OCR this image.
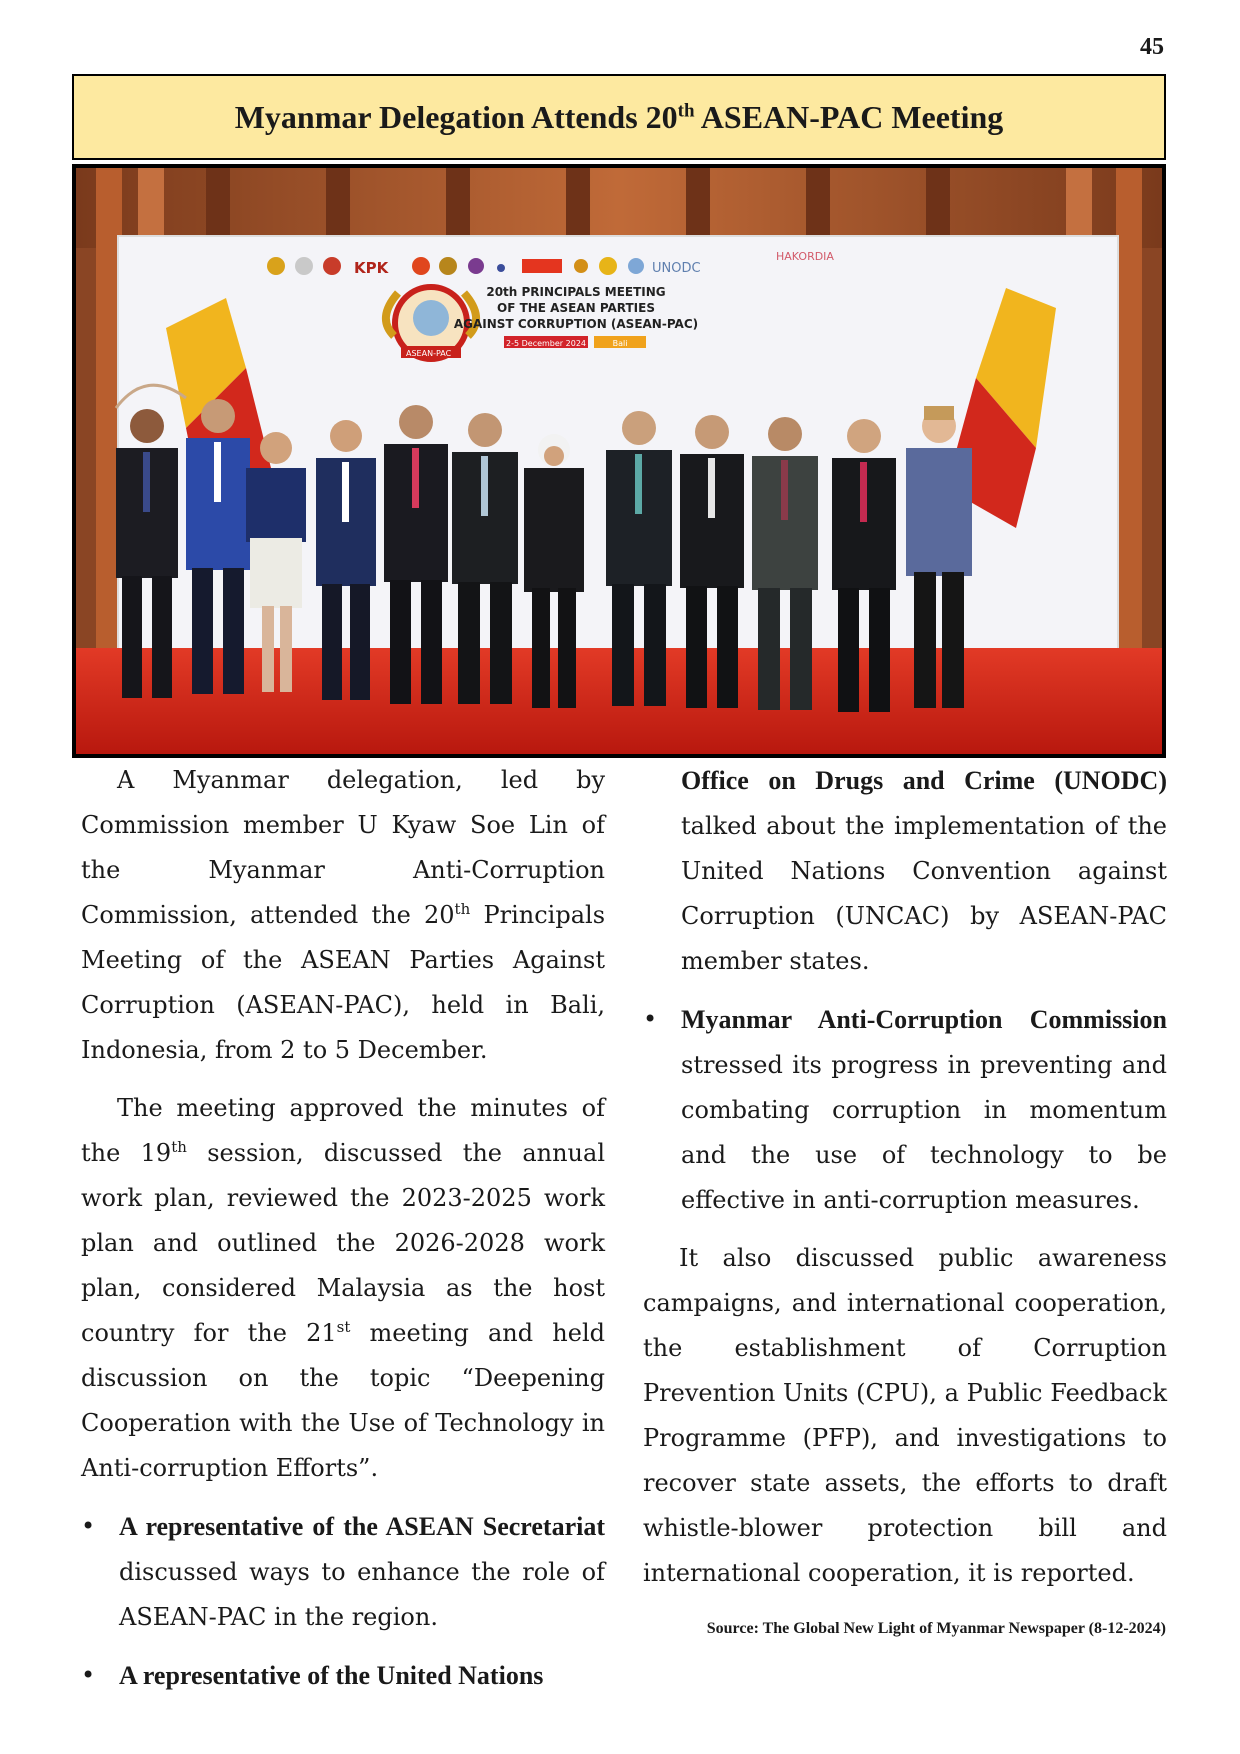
45
Myanmar Delegation Attends 20th ASEAN-PAC Meeting
KPK	UNODC
HAKORDIA
ASEAN-PAC
20th PRINCIPALS MEETING
OF THE ASEAN PARTIES
AGAINST CORRUPTION (ASEAN-PAC)
2-5 December 2024	Bali

A Myanmar delegation, led by Commission member U Kyaw Soe Lin of the Myanmar Anti-Corruption Commission, attended the 20th Principals Meeting of the ASEAN Parties Against Corruption (ASEAN-PAC), held in Bali, Indonesia, from 2 to 5 December.

The meeting approved the minutes of the 19th session, discussed the annual work plan, reviewed the 2023-2025 work plan and outlined the 2026-2028 work plan, considered Malaysia as the host country for the 21st meeting and held discussion on the topic “Deepening Cooperation with the Use of Technology in Anti-corruption Efforts”.

• A representative of the ASEAN Secretariat discussed ways to enhance the role of ASEAN-PAC in the region.

• A representative of the United Nations

Office on Drugs and Crime (UNODC) talked about the implementation of the United Nations Convention against Corruption (UNCAC) by ASEAN-PAC member states.

• Myanmar Anti-Corruption Commission stressed its progress in preventing and combating corruption in momentum and the use of technology to be effective in anti-corruption measures.

It also discussed public awareness campaigns, and international cooperation, the establishment of Corruption Prevention Units (CPU), a Public Feedback Programme (PFP), and investigations to recover state assets, the efforts to draft whistle-blower protection bill and international cooperation, it is reported.

Source: The Global New Light of Myanmar Newspaper (8-12-2024)
